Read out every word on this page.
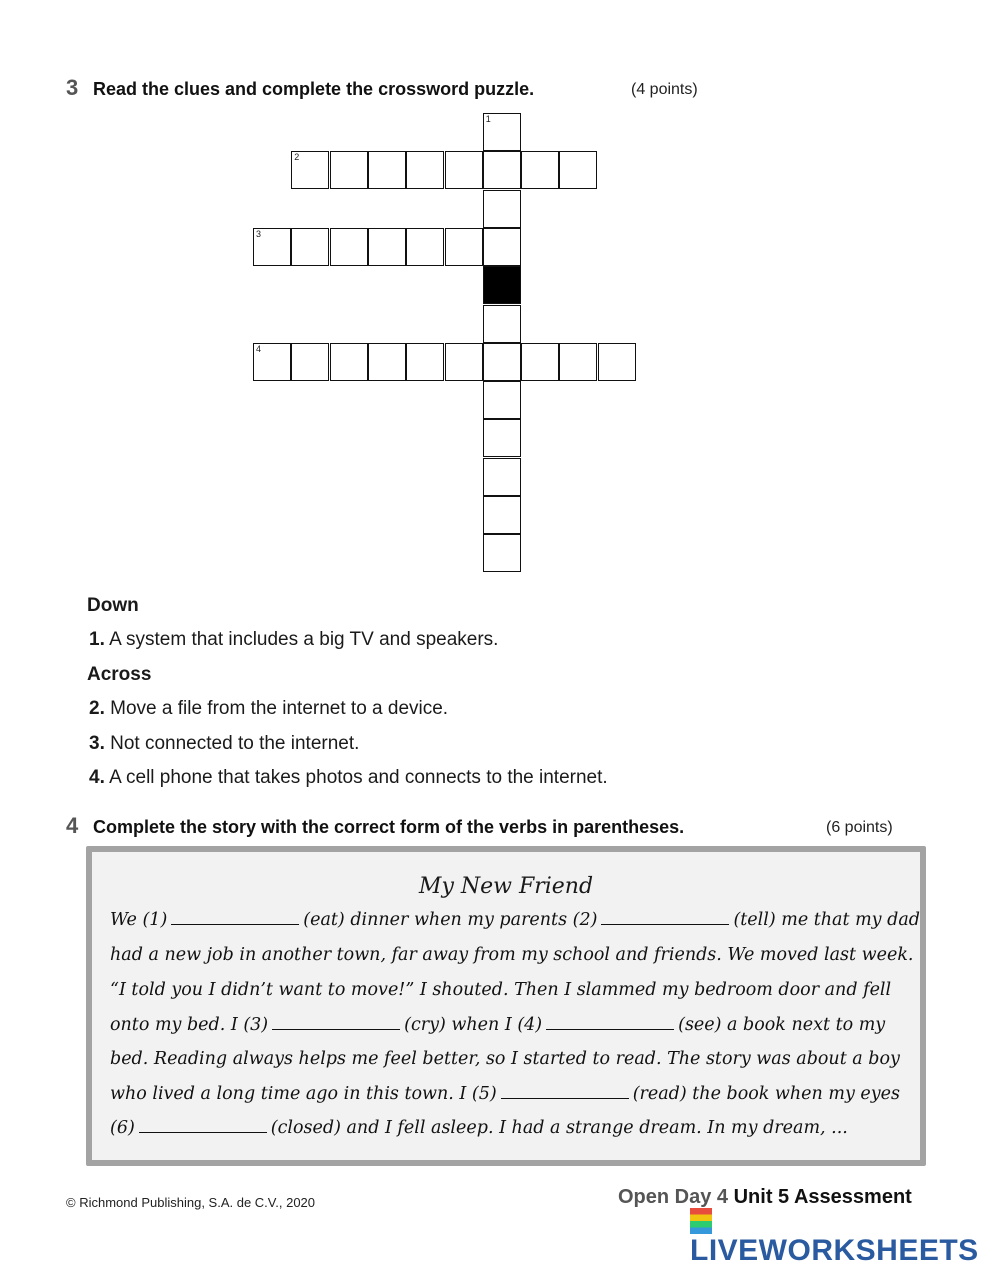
3 Read the clues and complete the crossword puzzle.	(4 points)
1
2
3
4
Down
1. A system that includes a big TV and speakers.
Across
2. Move a file from the internet to a device.
3. Not connected to the internet.
4. A cell phone that takes photos and connects to the internet.
4 Complete the story with the correct form of the verbs in parentheses.	(6 points)
My New Friend
We (1)	(eat) dinner when my parents (2)	(tell) me that my dad
had a new job in another town, far away from my school and friends. We moved last week.
“I told you I didn’t want to move!” I shouted. Then I slammed my bedroom door and fell
onto my bed. I (3)	(cry) when I (4)	(see) a book next to my
bed. Reading always helps me feel better, so I started to read. The story was about a boy
who lived a long time ago in this town. I (5)	(read) the book when my eyes
(6)	(closed) and I fell asleep. I had a strange dream. In my dream, ...
© Richmond Publishing, S.A. de C.V., 2020	Open Day 4 Unit 5 Assessment
LIVEWORKSHEETS
